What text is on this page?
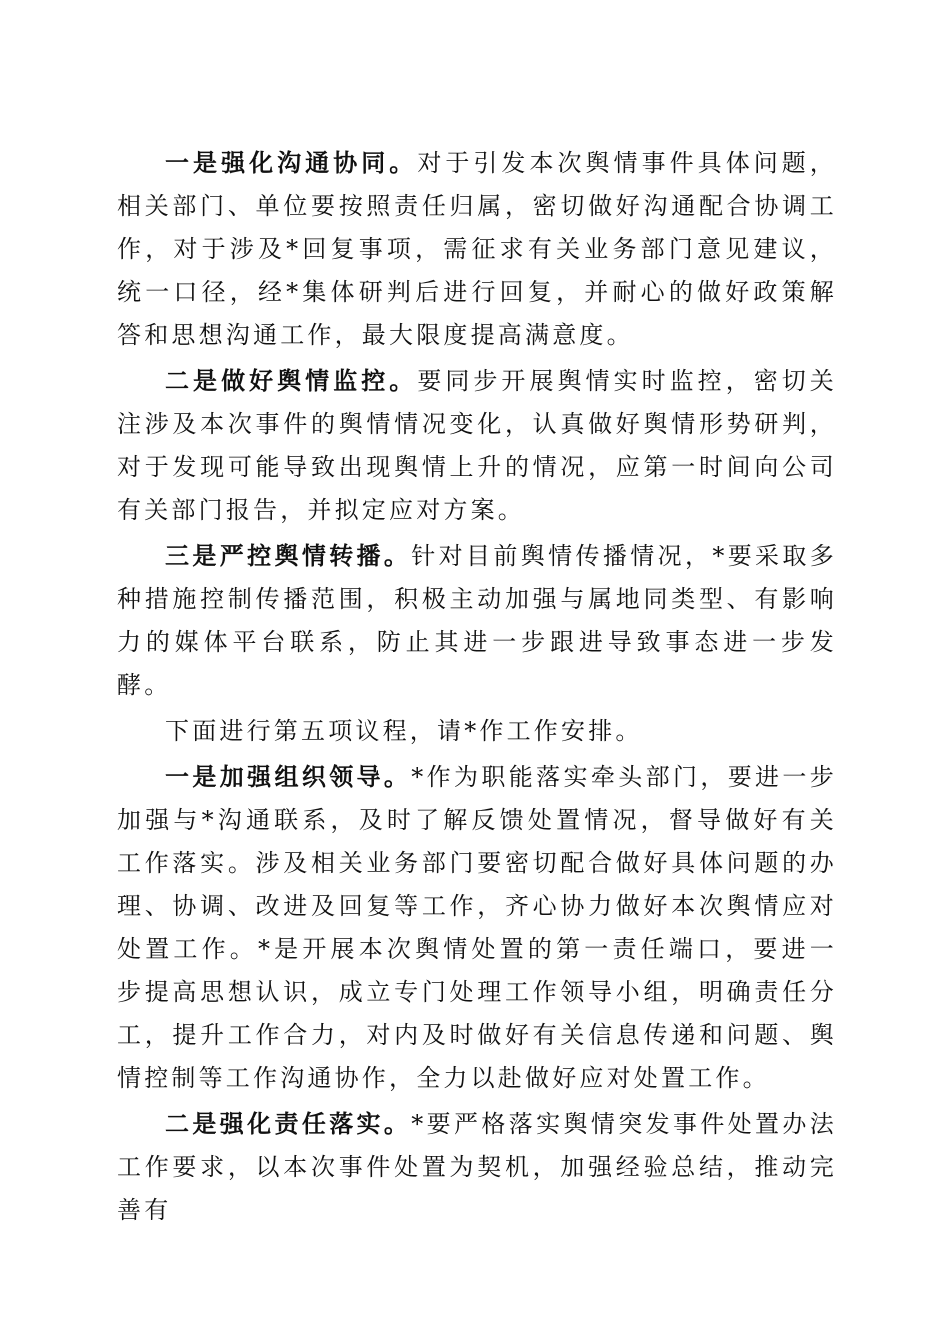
一是强化沟通协同。对于引发本次舆情事件具体问题，相关部门、单位要按照责任归属，密切做好沟通配合协调工作，对于涉及*回复事项，需征求有关业务部门意见建议，统一口径，经*集体研判后进行回复，并耐心的做好政策解答和思想沟通工作，最大限度提高满意度。

二是做好舆情监控。要同步开展舆情实时监控，密切关注涉及本次事件的舆情情况变化，认真做好舆情形势研判，对于发现可能导致出现舆情上升的情况，应第一时间向公司有关部门报告，并拟定应对方案。

三是严控舆情转播。针对目前舆情传播情况，*要采取多种措施控制传播范围，积极主动加强与属地同类型、有影响力的媒体平台联系，防止其进一步跟进导致事态进一步发酵。

下面进行第五项议程，请*作工作安排。

一是加强组织领导。*作为职能落实牵头部门，要进一步加强与*沟通联系，及时了解反馈处置情况，督导做好有关工作落实。涉及相关业务部门要密切配合做好具体问题的办理、协调、改进及回复等工作，齐心协力做好本次舆情应对处置工作。*是开展本次舆情处置的第一责任端口，要进一步提高思想认识，成立专门处理工作领导小组，明确责任分工，提升工作合力，对内及时做好有关信息传递和问题、舆情控制等工作沟通协作，全力以赴做好应对处置工作。

二是强化责任落实。*要严格落实舆情突发事件处置办法工作要求，以本次事件处置为契机，加强经验总结，推动完善有
